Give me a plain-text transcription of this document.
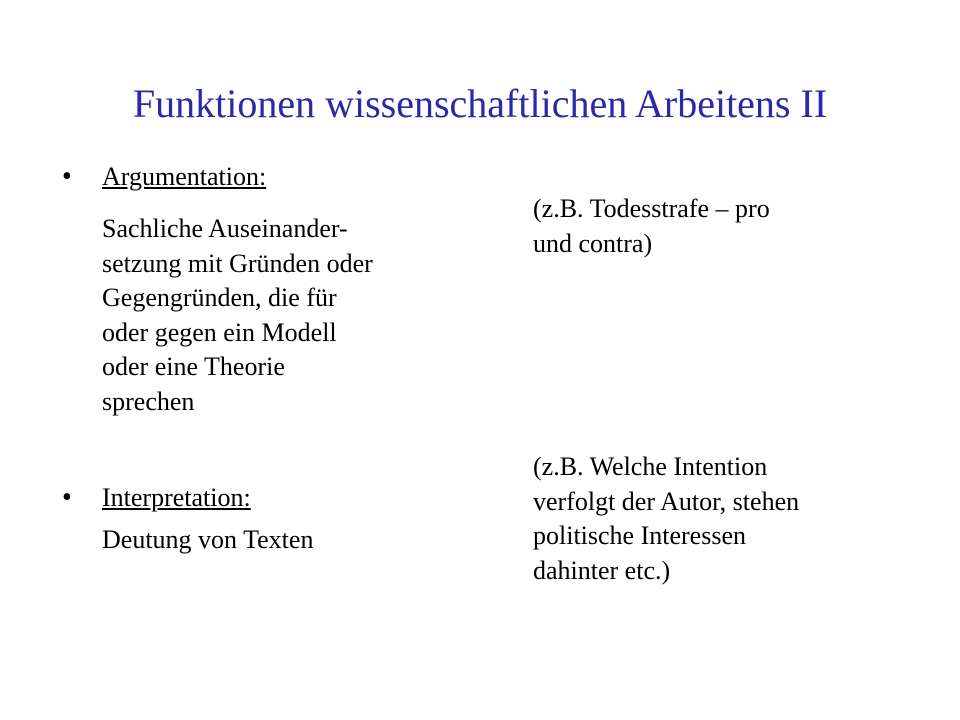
Funktionen wissenschaftlichen Arbeitens II
• Argumentation:
Sachliche Auseinander-
setzung mit Gründen oder
Gegengründen, die für
oder gegen ein Modell
oder eine Theorie
sprechen
(z.B. Todesstrafe – pro
und contra)
• Interpretation:
Deutung von Texten
(z.B. Welche Intention
verfolgt der Autor, stehen
politische Interessen
dahinter etc.)
